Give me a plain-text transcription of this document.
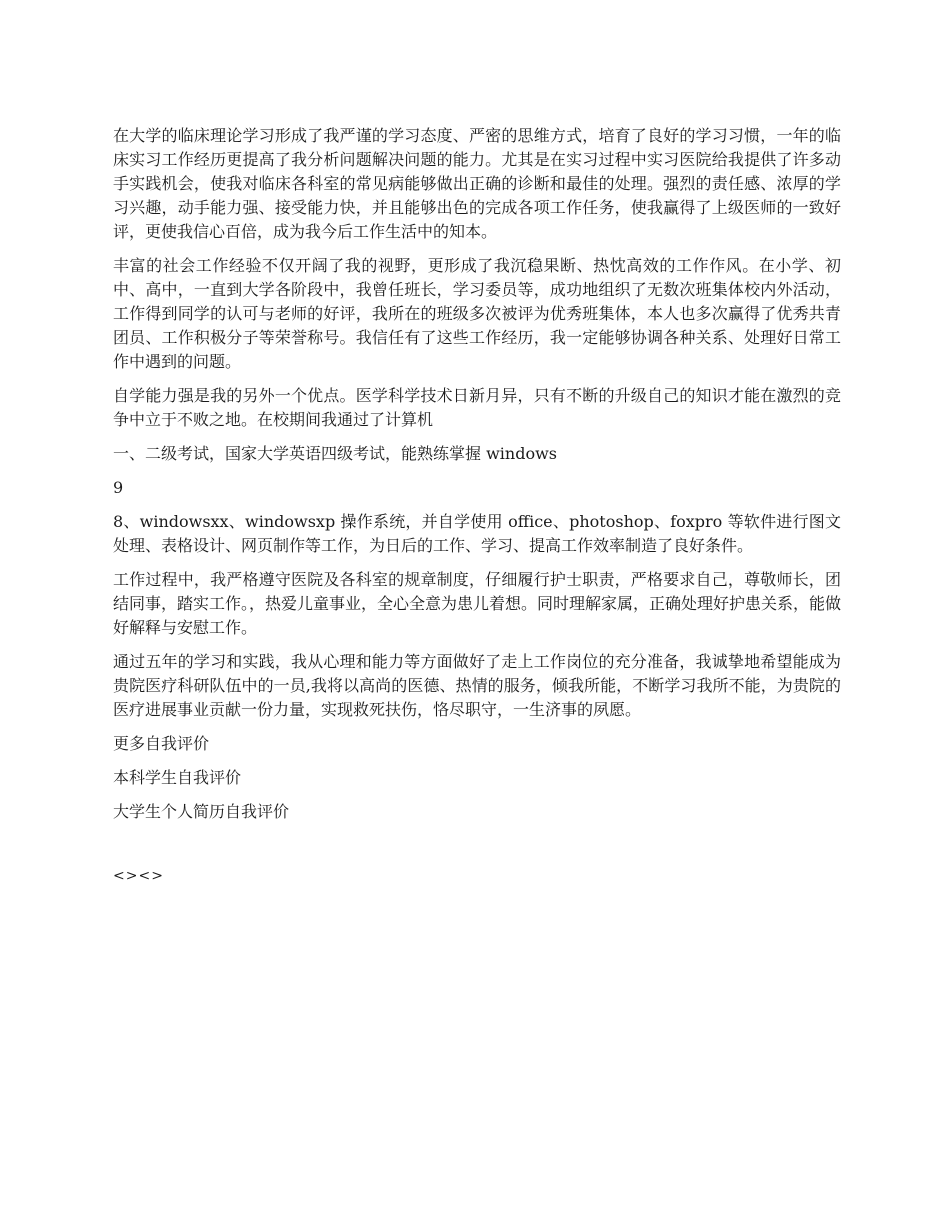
在大学的临床理论学习形成了我严谨的学习态度、严密的思维方式，培育了良好的学习习惯，一年的临床实习工作经历更提高了我分析问题解决问题的能力。尤其是在实习过程中实习医院给我提供了许多动手实践机会，使我对临床各科室的常见病能够做出正确的诊断和最佳的处理。强烈的责任感、浓厚的学习兴趣，动手能力强、接受能力快，并且能够出色的完成各项工作任务，使我赢得了上级医师的一致好评，更使我信心百倍，成为我今后工作生活中的知本。

丰富的社会工作经验不仅开阔了我的视野，更形成了我沉稳果断、热忱高效的工作作风。在小学、初中、高中，一直到大学各阶段中，我曾任班长，学习委员等，成功地组织了无数次班集体校内外活动，工作得到同学的认可与老师的好评，我所在的班级多次被评为优秀班集体，本人也多次赢得了优秀共青团员、工作积极分子等荣誉称号。我信任有了这些工作经历，我一定能够协调各种关系、处理好日常工作中遇到的问题。

自学能力强是我的另外一个优点。医学科学技术日新月异，只有不断的升级自己的知识才能在激烈的竞争中立于不败之地。在校期间我通过了计算机

一、二级考试，国家大学英语四级考试，能熟练掌握 windows

9

8、windowsxx、windowsxp 操作系统，并自学使用 office、photoshop、foxpro 等软件进行图文处理、表格设计、网页制作等工作，为日后的工作、学习、提高工作效率制造了良好条件。

工作过程中，我严格遵守医院及各科室的规章制度，仔细履行护士职责，严格要求自己，尊敬师长，团结同事，踏实工作。，热爱儿童事业，全心全意为患儿着想。同时理解家属，正确处理好护患关系，能做好解释与安慰工作。

通过五年的学习和实践，我从心理和能力等方面做好了走上工作岗位的充分准备，我诚挚地希望能成为贵院医疗科研队伍中的一员,我将以高尚的医德、热情的服务，倾我所能，不断学习我所不能，为贵院的医疗进展事业贡献一份力量，实现救死扶伤，恪尽职守，一生济事的夙愿。

更多自我评价

本科学生自我评价

大学生个人简历自我评价

<><>
